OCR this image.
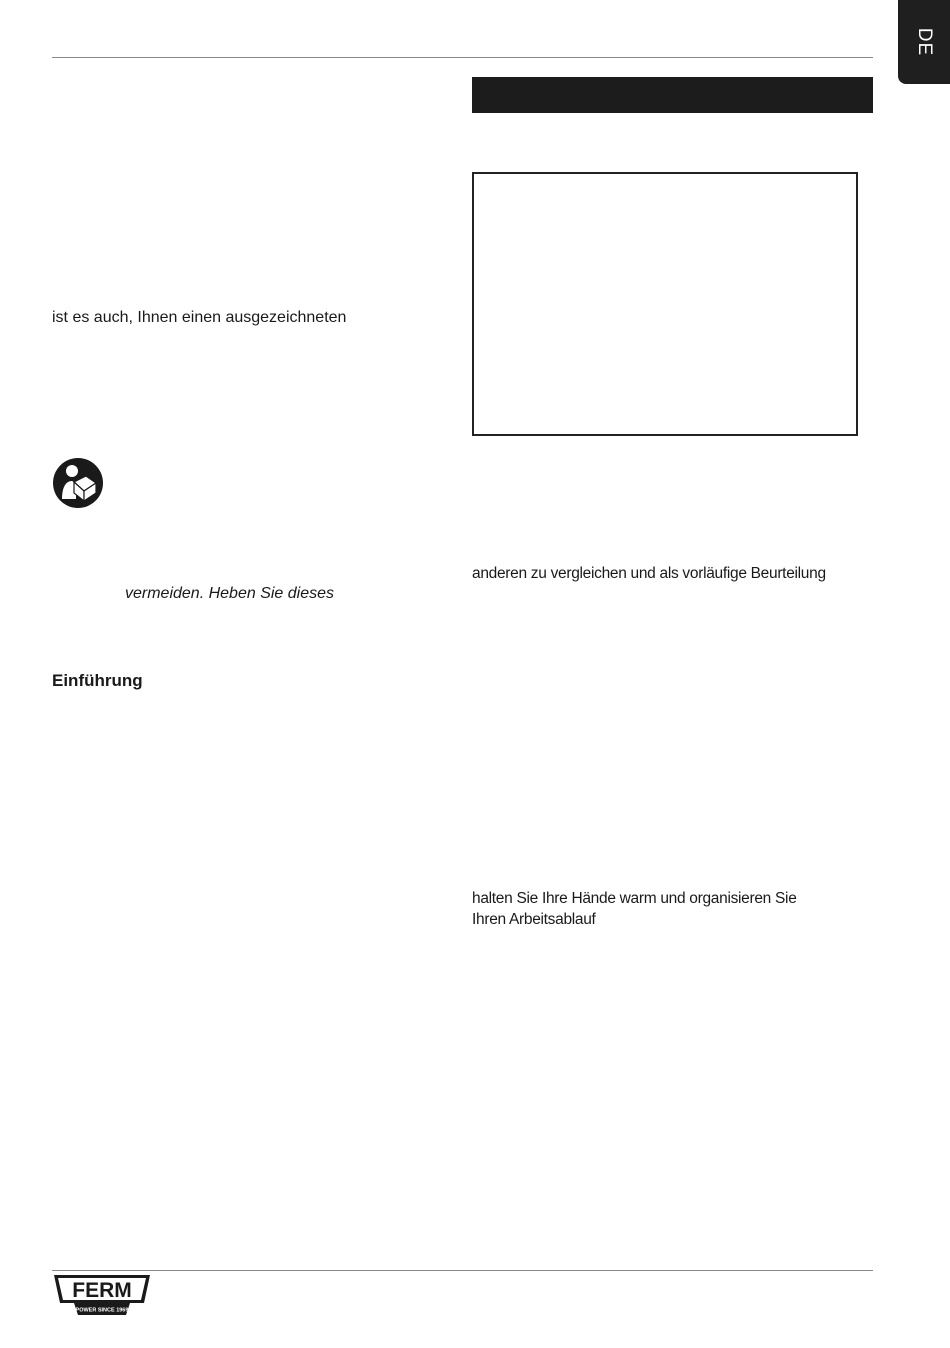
DE
ist es auch, Ihnen einen ausgezeichneten
vermeiden. Heben Sie dieses
Einführung
anderen zu vergleichen und als vorläufige Beurteilung
halten Sie Ihre Hände warm und organisieren Sie
Ihren Arbeitsablauf
FERM
POWER SINCE 1969
